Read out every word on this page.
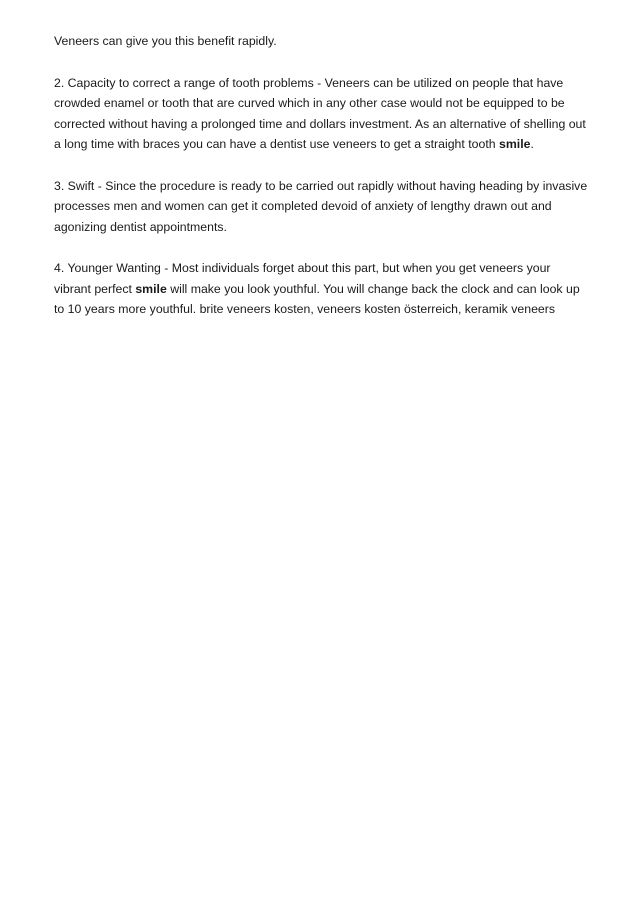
Veneers can give you this benefit rapidly.

2. Capacity to correct a range of tooth problems - Veneers can be utilized on people that have crowded enamel or tooth that are curved which in any other case would not be equipped to be corrected without having a prolonged time and dollars investment. As an alternative of shelling out a long time with braces you can have a dentist use veneers to get a straight tooth smile.

3. Swift - Since the procedure is ready to be carried out rapidly without having heading by invasive processes men and women can get it completed devoid of anxiety of lengthy drawn out and agonizing dentist appointments.

4. Younger Wanting - Most individuals forget about this part, but when you get veneers your vibrant perfect smile will make you look youthful. You will change back the clock and can look up to 10 years more youthful. brite veneers kosten, veneers kosten österreich, keramik veneers
